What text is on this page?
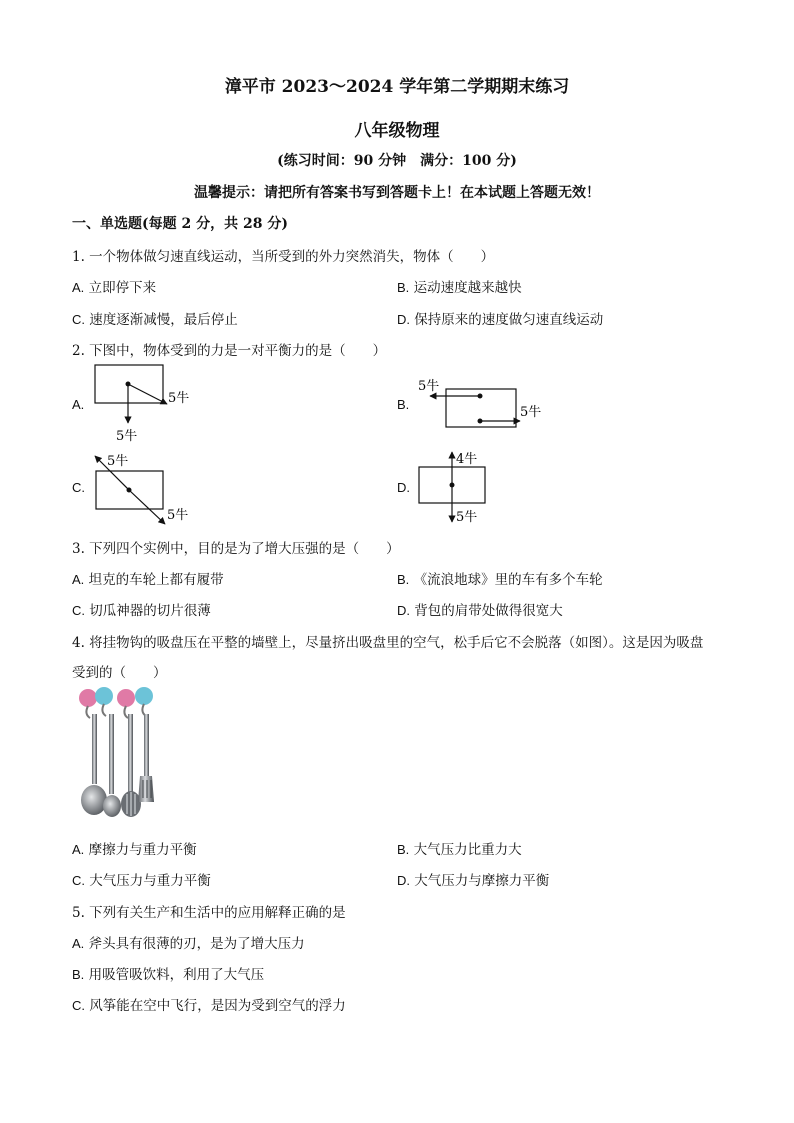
漳平市 2023～2024 学年第二学期期末练习
八年级物理
(练习时间：90 分钟　满分：100 分)
温馨提示：请把所有答案书写到答题卡上！在本试题上答题无效！
一、单选题(每题 2 分，共 28 分)
1. 一个物体做匀速直线运动，当所受到的外力突然消失，物体（　　）
A. 立即停下来	B. 运动速度越来越快
C. 速度逐渐减慢，最后停止	D. 保持原来的速度做匀速直线运动
2. 下图中，物体受到的力是一对平衡力的是（　　）
A.	B.
C.	D.
5牛
5牛
5牛
5牛
5牛
5牛
4牛
5牛
3. 下列四个实例中，目的是为了增大压强的是（　　）
A. 坦克的车轮上都有履带	B. 《流浪地球》里的车有多个车轮
C. 切瓜神器的切片很薄	D. 背包的肩带处做得很宽大
4. 将挂物钩的吸盘压在平整的墙壁上，尽量挤出吸盘里的空气，松手后它不会脱落（如图）。这是因为吸盘
受到的（　　）
A. 摩擦力与重力平衡	B. 大气压力比重力大
C. 大气压力与重力平衡	D. 大气压力与摩擦力平衡
5. 下列有关生产和生活中的应用解释正确的是
A. 斧头具有很薄的刃，是为了增大压力
B. 用吸管吸饮料，利用了大气压
C. 风筝能在空中飞行，是因为受到空气的浮力
